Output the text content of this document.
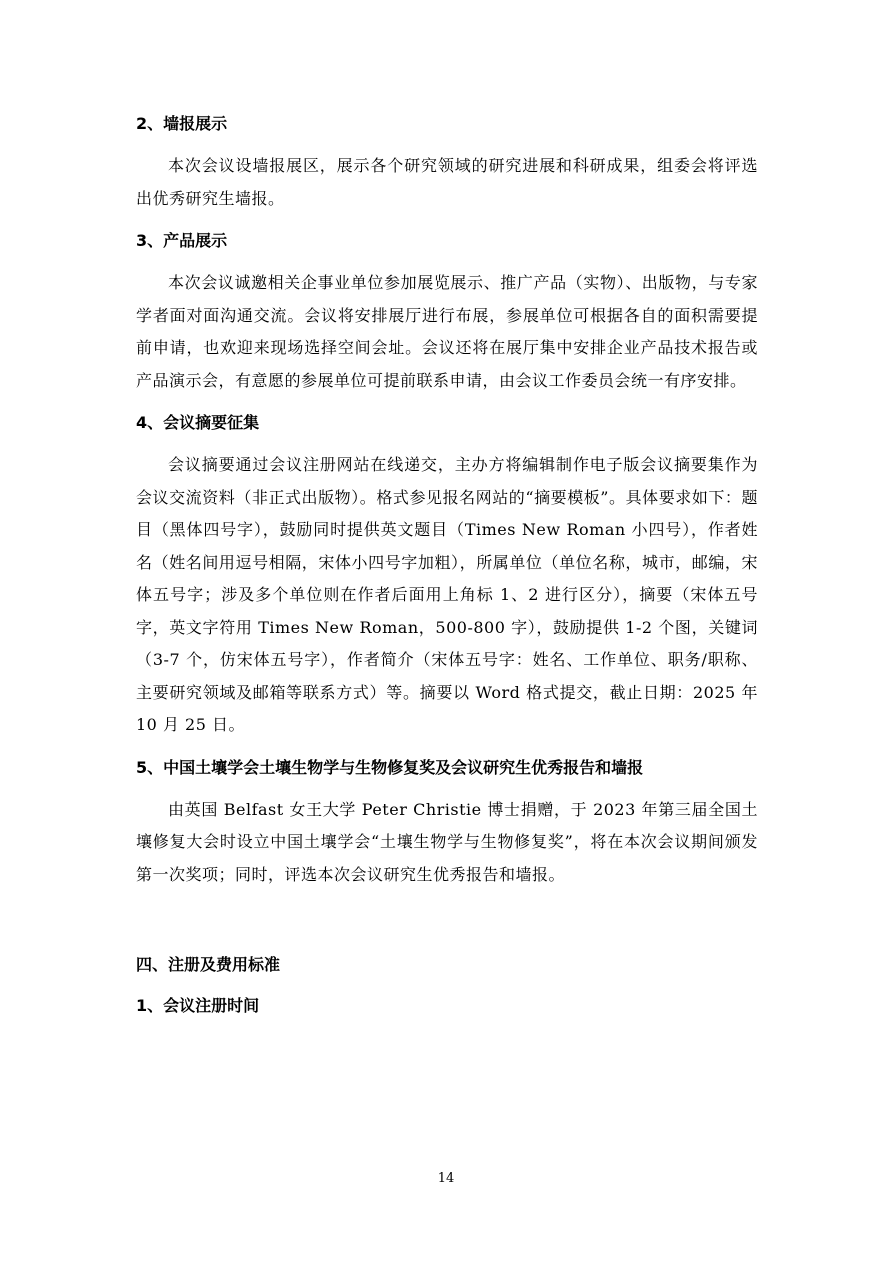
2、墙报展示

本次会议设墙报展区，展示各个研究领域的研究进展和科研成果，组委会将评选出优秀研究生墙报。

3、产品展示

本次会议诚邀相关企事业单位参加展览展示、推广产品（实物）、出版物，与专家学者面对面沟通交流。会议将安排展厅进行布展，参展单位可根据各自的面积需要提前申请，也欢迎来现场选择空间会址。会议还将在展厅集中安排企业产品技术报告或产品演示会，有意愿的参展单位可提前联系申请，由会议工作委员会统一有序安排。

4、会议摘要征集

会议摘要通过会议注册网站在线递交，主办方将编辑制作电子版会议摘要集作为会议交流资料（非正式出版物）。格式参见报名网站的“摘要模板”。具体要求如下：题目（黑体四号字），鼓励同时提供英文题目（Times New Roman 小四号），作者姓名（姓名间用逗号相隔，宋体小四号字加粗），所属单位（单位名称，城市，邮编，宋体五号字；涉及多个单位则在作者后面用上角标 1、2 进行区分），摘要（宋体五号字，英文字符用 Times New Roman，500-800 字），鼓励提供 1-2 个图，关键词（3-7 个，仿宋体五号字），作者简介（宋体五号字：姓名、工作单位、职务/职称、主要研究领域及邮箱等联系方式）等。摘要以 Word 格式提交，截止日期：2025 年 10 月 25 日。

5、中国土壤学会土壤生物学与生物修复奖及会议研究生优秀报告和墙报

由英国 Belfast 女王大学 Peter Christie 博士捐赠，于 2023 年第三届全国土壤修复大会时设立中国土壤学会“土壤生物学与生物修复奖”，将在本次会议期间颁发第一次奖项；同时，评选本次会议研究生优秀报告和墙报。

四、注册及费用标准

1、会议注册时间

14
